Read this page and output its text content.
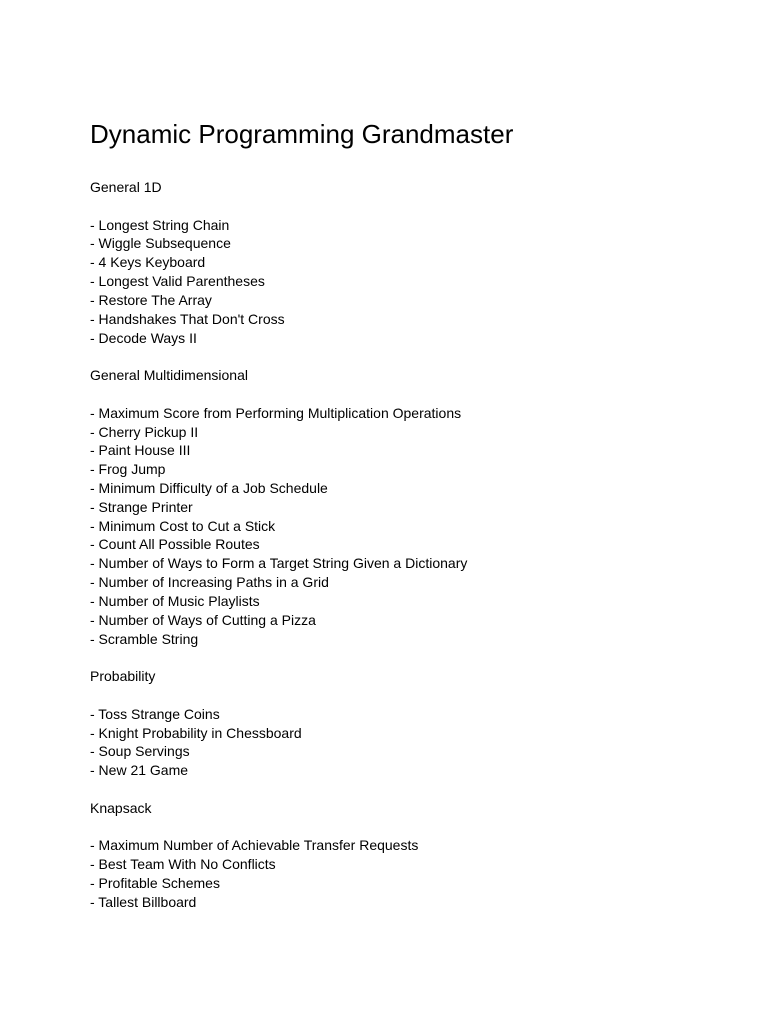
Dynamic Programming Grandmaster
General 1D
- Longest String Chain
- Wiggle Subsequence
- 4 Keys Keyboard
- Longest Valid Parentheses
- Restore The Array
- Handshakes That Don't Cross
- Decode Ways II
General Multidimensional
- Maximum Score from Performing Multiplication Operations
- Cherry Pickup II
- Paint House III
- Frog Jump
- Minimum Difficulty of a Job Schedule
- Strange Printer
- Minimum Cost to Cut a Stick
- Count All Possible Routes
- Number of Ways to Form a Target String Given a Dictionary
- Number of Increasing Paths in a Grid
- Number of Music Playlists
- Number of Ways of Cutting a Pizza
- Scramble String
Probability
- Toss Strange Coins
- Knight Probability in Chessboard
- Soup Servings
- New 21 Game
Knapsack
- Maximum Number of Achievable Transfer Requests
- Best Team With No Conflicts
- Profitable Schemes
- Tallest Billboard
